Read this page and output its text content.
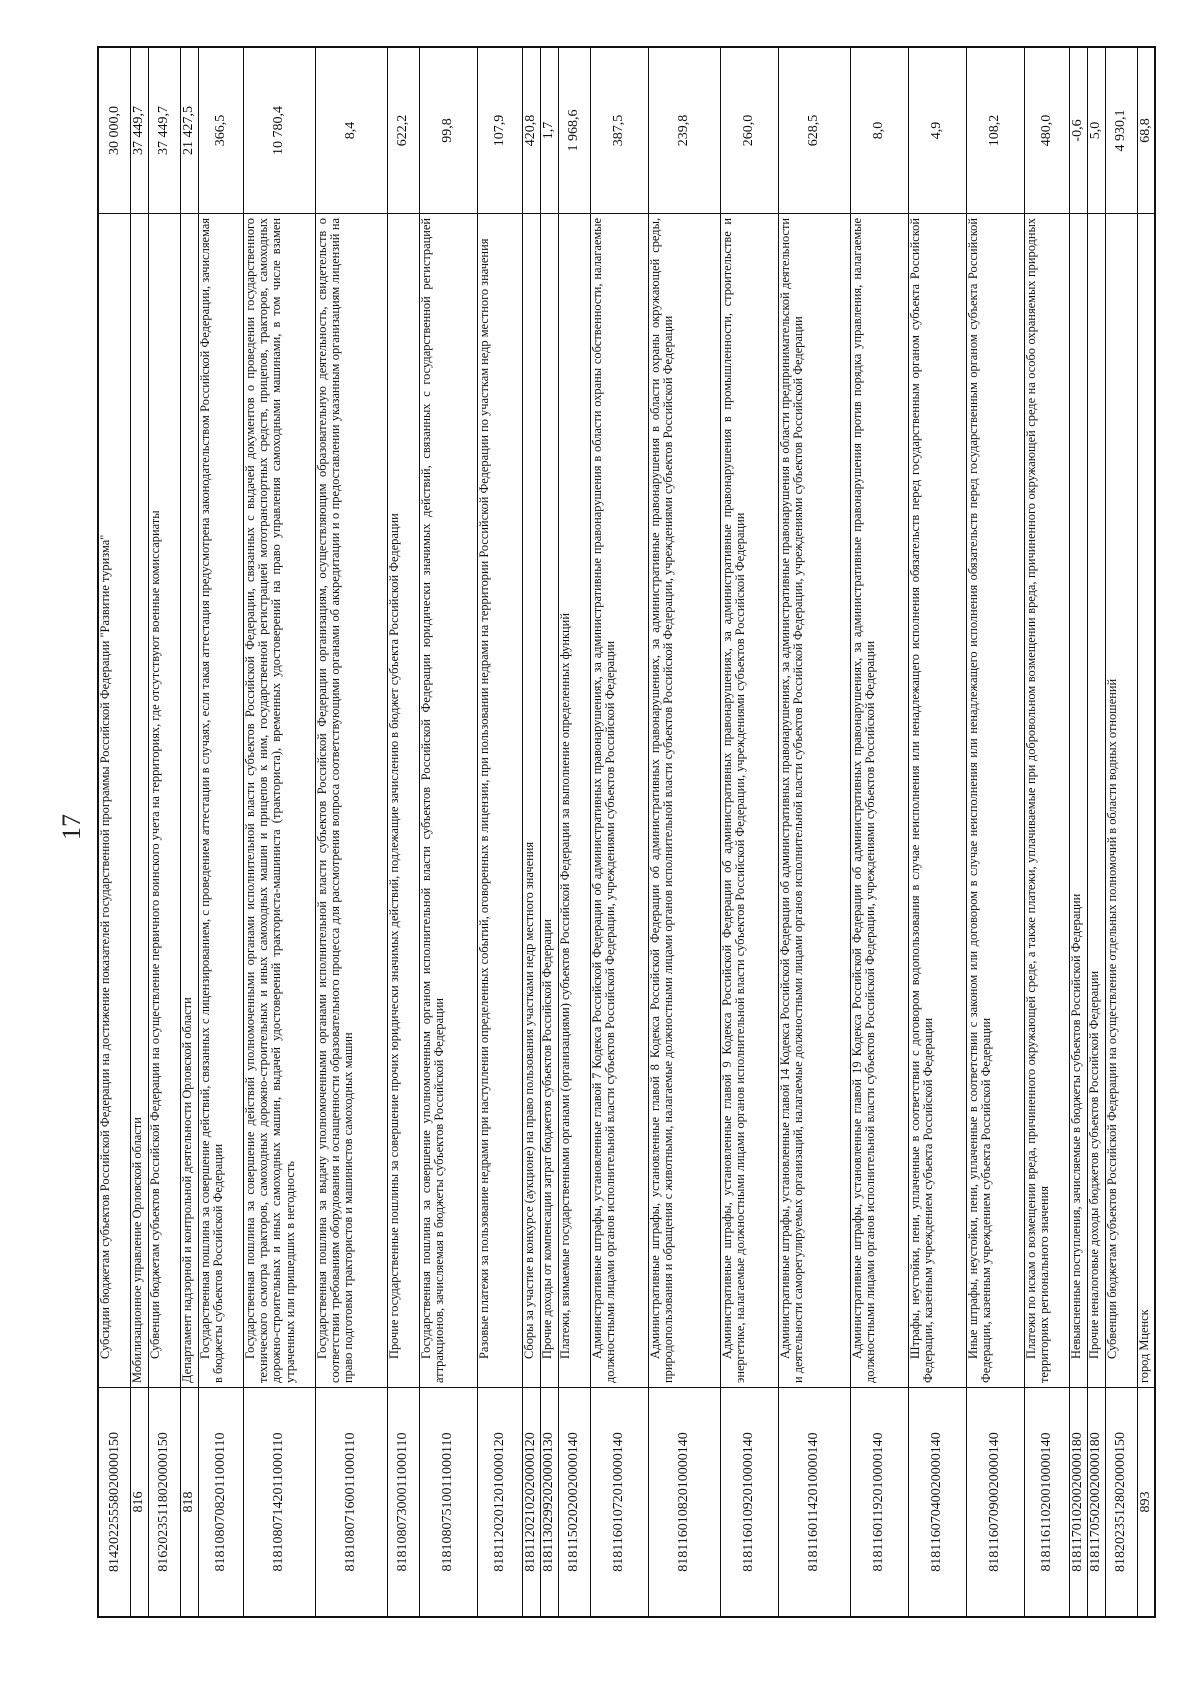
17
81420225558020000150	Субсидии бюджетам субъектов Российской Федерации на достижение показателей государственной программы Российской Федерации "Развитие туризма"	30 000,0
816	Мобилизационное управление Орловской области	37 449,7
81620235118020000150	Субвенции бюджетам субъектов Российской Федерации на осуществление первичного воинского учета на территориях, где отсутствуют военные комиссариаты	37 449,7
818	Департамент надзорной и контрольной деятельности Орловской области	21 427,5
81810807082011000110	Государственная пошлина за совершение действий, связанных с лицензированием, с проведением аттестации в случаях, если такая аттестация предусмотрена законодательством Российской Федерации, зачисляемая в бюджеты субъектов Российской Федерации	366,5
81810807142011000110	Государственная пошлина за совершение действий уполномоченными органами исполнительной власти субъектов Российской Федерации, связанных с выдачей документов о проведении государственного технического осмотра тракторов, самоходных дорожно-строительных и иных самоходных машин и прицепов к ним, государственной регистрацией мототранспортных средств, прицепов, тракторов, самоходных дорожно-строительных и иных самоходных машин, выдачей удостоверений тракториста-машиниста (тракториста), временных удостоверений на право управления самоходными машинами, в том числе взамен утраченных или пришедших в негодность	10 780,4
81810807160011000110	Государственная пошлина за выдачу уполномоченными органами исполнительной власти субъектов Российской Федерации организациям, осуществляющим образовательную деятельность, свидетельств о соответствии требованиям оборудования и оснащенности образовательного процесса для рассмотрения вопроса соответствующими органами об аккредитации и о предоставлении указанным организациям лицензий на право подготовки трактористов и машинистов самоходных машин	8,4
81810807300011000110	Прочие государственные пошлины за совершение прочих юридически значимых действий, подлежащие зачислению в бюджет субъекта Российской Федерации	622,2
81810807510011000110	Государственная пошлина за совершение уполномоченным органом исполнительной власти субъектов Российской Федерации юридически значимых действий, связанных с государственной регистрацией аттракционов, зачисляемая в бюджеты субъектов Российской Федерации	99,8
81811202012010000120	Разовые платежи за пользование недрами при наступлении определенных событий, оговоренных в лицензии, при пользовании недрами на территории Российской Федерации по участкам недр местного значения	107,9
81811202102020000120	Сборы за участие в конкурсе (аукционе) на право пользования участками недр местного значения	420,8
81811302992020000130	Прочие доходы от компенсации затрат бюджетов субъектов Российской Федерации	1,7
81811502020020000140	Платежи, взимаемые государственными органами (организациями) субъектов Российской Федерации за выполнение определенных функций	1 968,6
81811601072010000140	Административные штрафы, установленные главой 7 Кодекса Российской Федерации об административных правонарушениях, за административные правонарушения в области охраны собственности, налагаемые должностными лицами органов исполнительной власти субъектов Российской Федерации, учреждениями субъектов Российской Федерации	387,5
81811601082010000140	Административные штрафы, установленные главой 8 Кодекса Российской Федерации об административных правонарушениях, за административные правонарушения в области охраны окружающей среды, природопользования и обращения с животными, налагаемые должностными лицами органов исполнительной власти субъектов Российской Федерации, учреждениями субъектов Российской Федерации	239,8
81811601092010000140	Административные штрафы, установленные главой 9 Кодекса Российской Федерации об административных правонарушениях, за административные правонарушения в промышленности, строительстве и энергетике, налагаемые должностными лицами органов исполнительной власти субъектов Российской Федерации, учреждениями субъектов Российской Федерации	260,0
81811601142010000140	Административные штрафы, установленные главой 14 Кодекса Российской Федерации об административных правонарушениях, за административные правонарушения в области предпринимательской деятельности и деятельности саморегулируемых организаций, налагаемые должностными лицами органов исполнительной власти субъектов Российской Федерации, учреждениями субъектов Российской Федерации	628,5
81811601192010000140	Административные штрафы, установленные главой 19 Кодекса Российской Федерации об административных правонарушениях, за административные правонарушения против порядка управления, налагаемые должностными лицами органов исполнительной власти субъектов Российской Федерации, учреждениями субъектов Российской Федерации	8,0
81811607040020000140	Штрафы, неустойки, пени, уплаченные в соответствии с договором водопользования в случае неисполнения или ненадлежащего исполнения обязательств перед государственным органом субъекта Российской Федерации, казенным учреждением субъекта Российской Федерации	4,9
81811607090020000140	Иные штрафы, неустойки, пени, уплаченные в соответствии с законом или договором в случае неисполнения или ненадлежащего исполнения обязательств перед государственным органом субъекта Российской Федерации, казенным учреждением субъекта Российской Федерации	108,2
81811611020010000140	Платежи по искам о возмещении вреда, причиненного окружающей среде, а также платежи, уплачиваемые при добровольном возмещении вреда, причиненного окружающей среде на особо охраняемых природных территориях регионального значения	480,0
81811701020020000180	Невыясненные поступления, зачисляемые в бюджеты субъектов Российской Федерации	-0,6
81811705020020000180	Прочие неналоговые доходы бюджетов субъектов Российской Федерации	5,0
81820235128020000150	Субвенции бюджетам субъектов Российской Федерации на осуществление отдельных полномочий в области водных отношений	4 930,1
893	город Мценск	68,8
